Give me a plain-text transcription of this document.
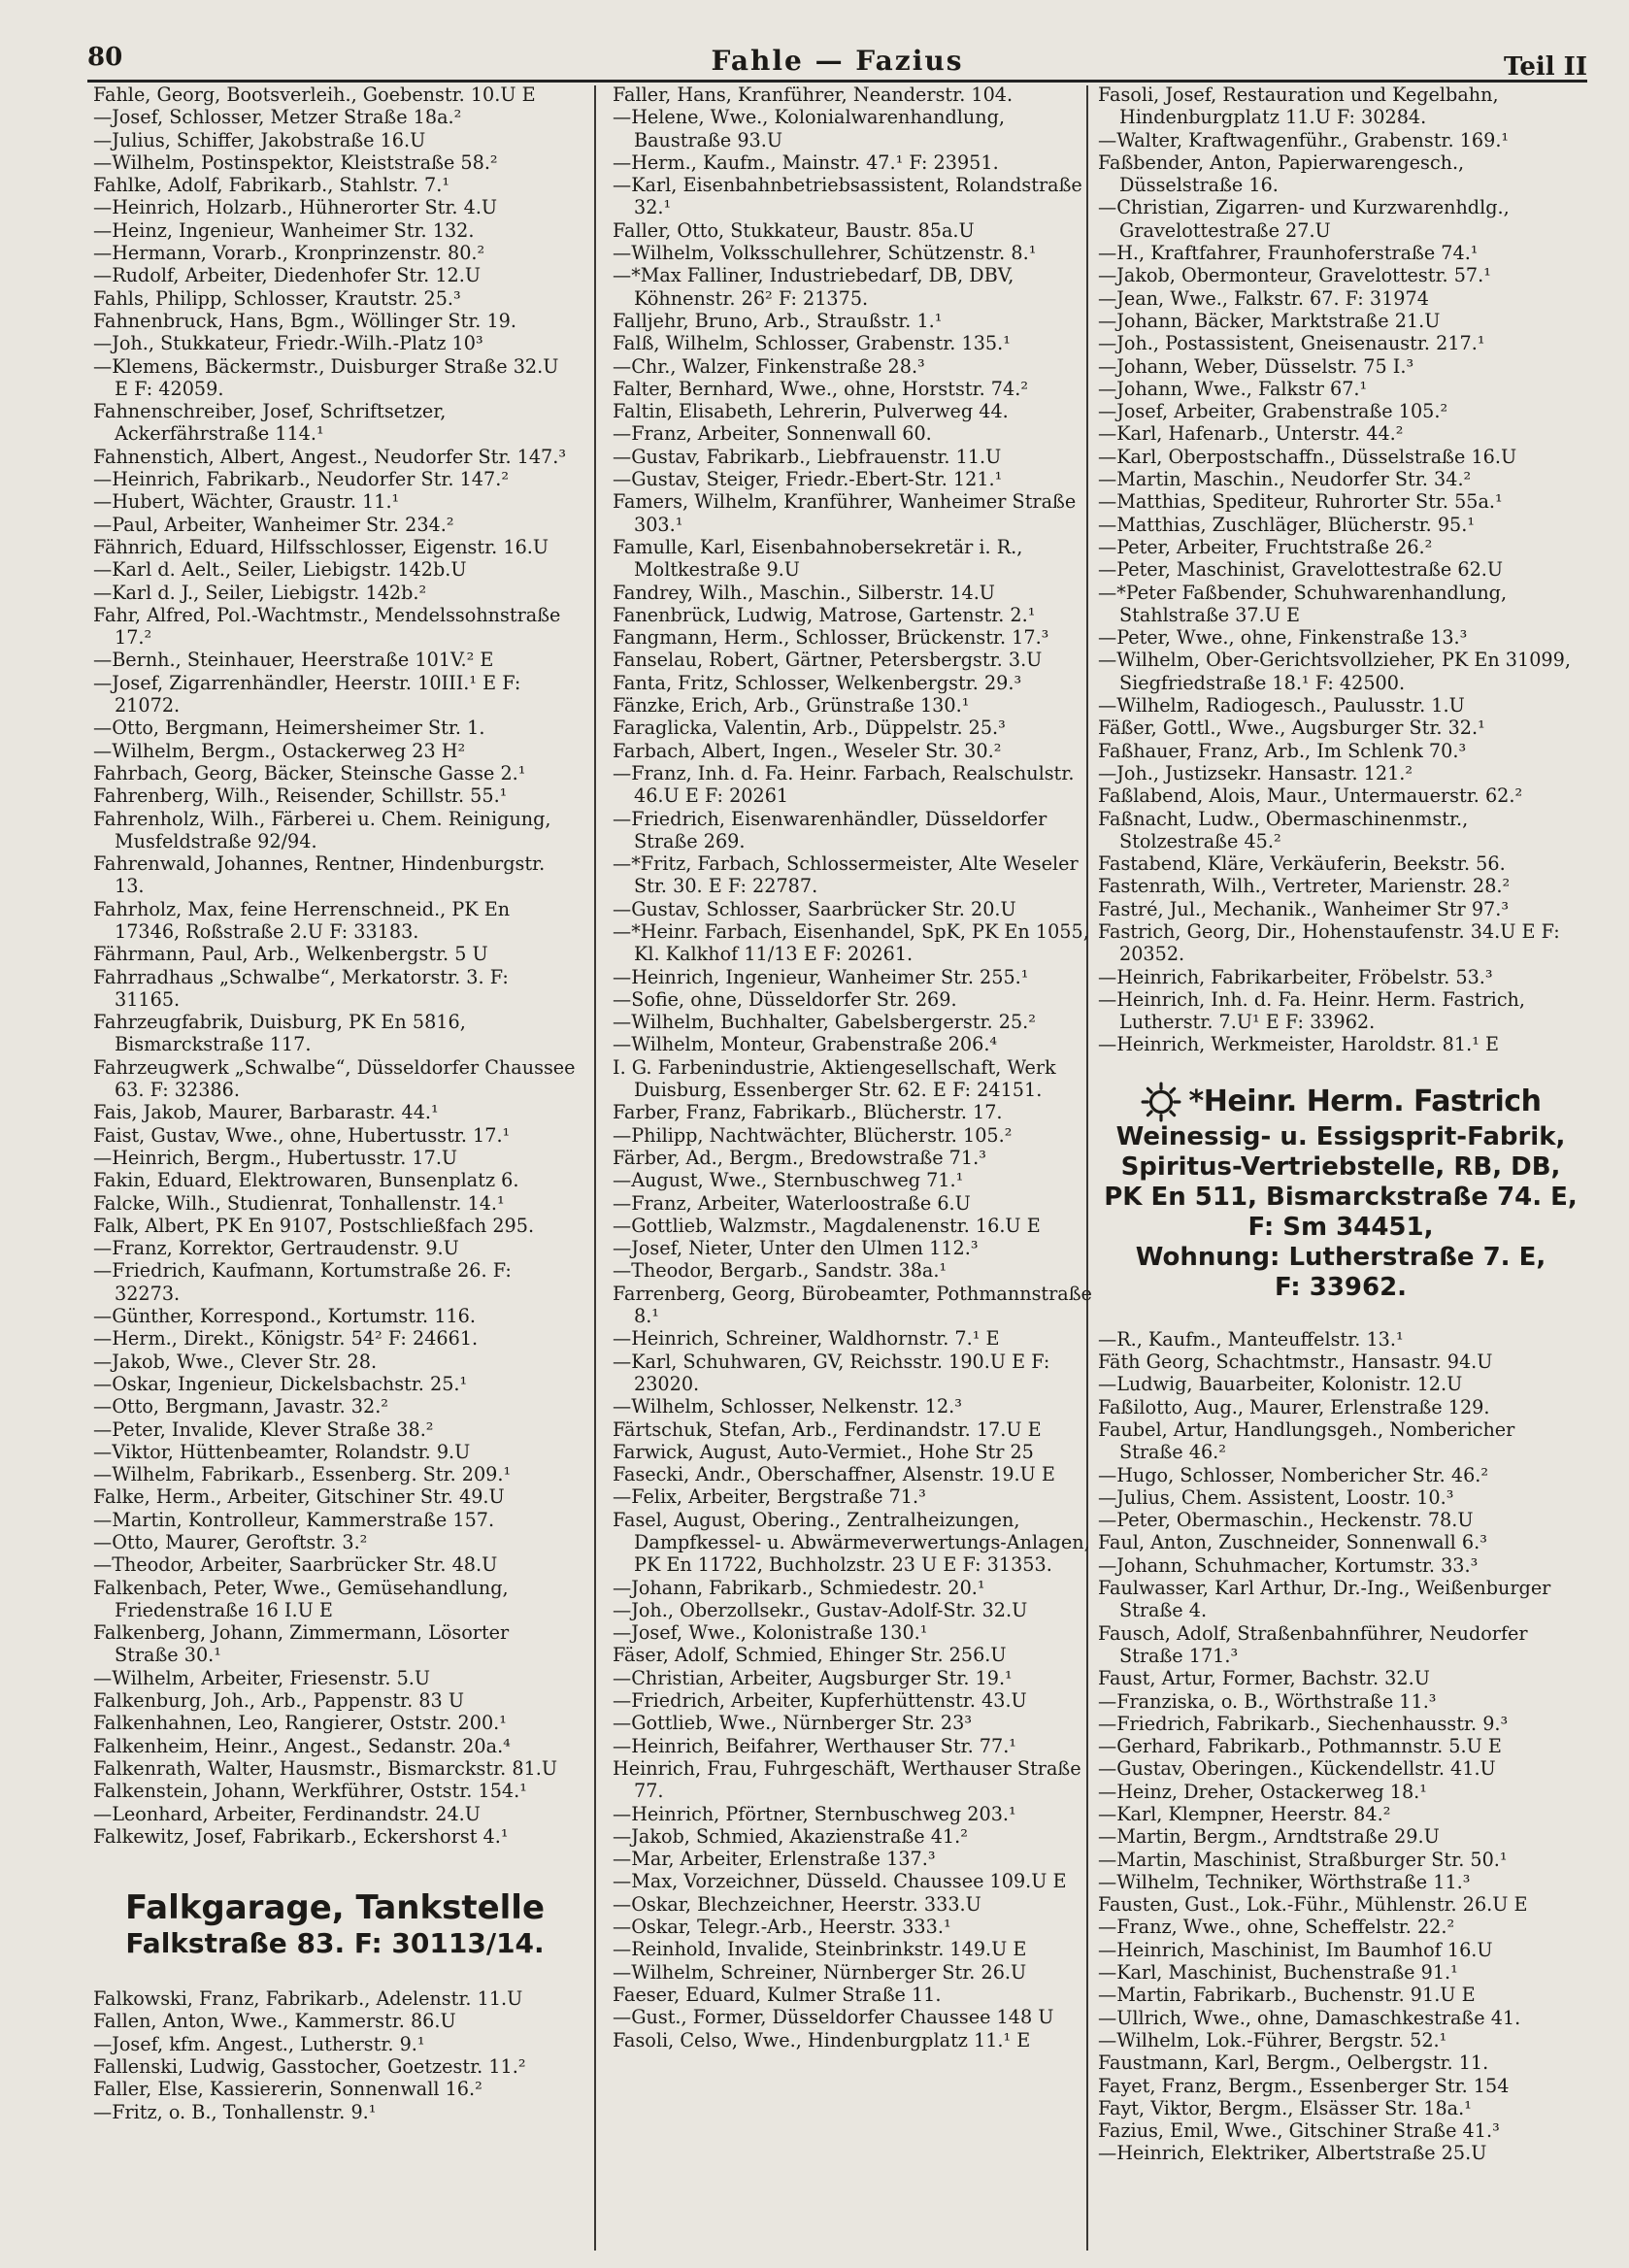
80	Fahle — Fazius	Teil II
Fahle, Georg, Bootsverleih., Goebenstr. 10.U E
—Josef, Schlosser, Metzer Straße 18a.²
—Julius, Schiffer, Jakobstraße 16.U
—Wilhelm, Postinspektor, Kleiststraße 58.²
Fahlke, Adolf, Fabrikarb., Stahlstr. 7.¹
—Heinrich, Holzarb., Hühnerorter Str. 4.U
—Heinz, Ingenieur, Wanheimer Str. 132.
—Hermann, Vorarb., Kronprinzenstr. 80.²
—Rudolf, Arbeiter, Diedenhofer Str. 12.U
Fahls, Philipp, Schlosser, Krautstr. 25.³
Fahnenbruck, Hans, Bgm., Wöllinger Str. 19.
—Joh., Stukkateur, Friedr.-Wilh.-Platz 10³
—Klemens, Bäckermstr., Duisburger Straße 32.U E F: 42059.
Fahnenschreiber, Josef, Schriftsetzer, Ackerfährstraße 114.¹
Fahnenstich, Albert, Angest., Neudorfer Str. 147.³
—Heinrich, Fabrikarb., Neudorfer Str. 147.²
—Hubert, Wächter, Graustr. 11.¹
—Paul, Arbeiter, Wanheimer Str. 234.²
Fähnrich, Eduard, Hilfsschlosser, Eigenstr. 16.U
—Karl d. Aelt., Seiler, Liebigstr. 142b.U
—Karl d. J., Seiler, Liebigstr. 142b.²
Fahr, Alfred, Pol.-Wachtmstr., Mendelssohnstraße 17.²
—Bernh., Steinhauer, Heerstraße 101V.² E
—Josef, Zigarrenhändler, Heerstr. 10III.¹ E F: 21072.
—Otto, Bergmann, Heimersheimer Str. 1.
—Wilhelm, Bergm., Ostackerweg 23 H²
Fahrbach, Georg, Bäcker, Steinsche Gasse 2.¹
Fahrenberg, Wilh., Reisender, Schillstr. 55.¹
Fahrenholz, Wilh., Färberei u. Chem. Reinigung, Musfeldstraße 92/94.
Fahrenwald, Johannes, Rentner, Hindenburgstr. 13.
Fahrholz, Max, feine Herrenschneid., PK En 17346, Roßstraße 2.U F: 33183.
Fährmann, Paul, Arb., Welkenbergstr. 5 U
Fahrradhaus „Schwalbe“, Merkatorstr. 3. F: 31165.
Fahrzeugfabrik, Duisburg, PK En 5816, Bismarckstraße 117.
Fahrzeugwerk „Schwalbe“, Düsseldorfer Chaussee 63. F: 32386.
Fais, Jakob, Maurer, Barbarastr. 44.¹
Faist, Gustav, Wwe., ohne, Hubertusstr. 17.¹
—Heinrich, Bergm., Hubertusstr. 17.U
Fakin, Eduard, Elektrowaren, Bunsenplatz 6.
Falcke, Wilh., Studienrat, Tonhallenstr. 14.¹
Falk, Albert, PK En 9107, Postschließfach 295.
—Franz, Korrektor, Gertraudenstr. 9.U
—Friedrich, Kaufmann, Kortumstraße 26. F: 32273.
—Günther, Korrespond., Kortumstr. 116.
—Herm., Direkt., Königstr. 54² F: 24661.
—Jakob, Wwe., Clever Str. 28.
—Oskar, Ingenieur, Dickelsbachstr. 25.¹
—Otto, Bergmann, Javastr. 32.²
—Peter, Invalide, Klever Straße 38.²
—Viktor, Hüttenbeamter, Rolandstr. 9.U
—Wilhelm, Fabrikarb., Essenberg. Str. 209.¹
Falke, Herm., Arbeiter, Gitschiner Str. 49.U
—Martin, Kontrolleur, Kammerstraße 157.
—Otto, Maurer, Geroftstr. 3.²
—Theodor, Arbeiter, Saarbrücker Str. 48.U
Falkenbach, Peter, Wwe., Gemüsehandlung, Friedenstraße 16 I.U E
Falkenberg, Johann, Zimmermann, Lösorter Straße 30.¹
—Wilhelm, Arbeiter, Friesenstr. 5.U
Falkenburg, Joh., Arb., Pappenstr. 83 U
Falkenhahnen, Leo, Rangierer, Oststr. 200.¹
Falkenheim, Heinr., Angest., Sedanstr. 20a.⁴
Falkenrath, Walter, Hausmstr., Bismarckstr. 81.U
Falkenstein, Johann, Werkführer, Oststr. 154.¹
—Leonhard, Arbeiter, Ferdinandstr. 24.U
Falkewitz, Josef, Fabrikarb., Eckershorst 4.¹
Falkgarage, Tankstelle
Falkstraße 83. F: 30113/14.
Falkowski, Franz, Fabrikarb., Adelenstr. 11.U
Fallen, Anton, Wwe., Kammerstr. 86.U
—Josef, kfm. Angest., Lutherstr. 9.¹
Fallenski, Ludwig, Gasstocher, Goetzestr. 11.²
Faller, Else, Kassiererin, Sonnenwall 16.²
—Fritz, o. B., Tonhallenstr. 9.¹
Faller, Hans, Kranführer, Neanderstr. 104.
—Helene, Wwe., Kolonialwarenhandlung, Baustraße 93.U
—Herm., Kaufm., Mainstr. 47.¹ F: 23951.
—Karl, Eisenbahnbetriebsassistent, Rolandstraße 32.¹
Faller, Otto, Stukkateur, Baustr. 85a.U
—Wilhelm, Volksschullehrer, Schützenstr. 8.¹
—*Max Falliner, Industriebedarf, DB, DBV, Köhnenstr. 26² F: 21375.
Falljehr, Bruno, Arb., Straußstr. 1.¹
Falß, Wilhelm, Schlosser, Grabenstr. 135.¹
—Chr., Walzer, Finkenstraße 28.³
Falter, Bernhard, Wwe., ohne, Horststr. 74.²
Faltin, Elisabeth, Lehrerin, Pulverweg 44.
—Franz, Arbeiter, Sonnenwall 60.
—Gustav, Fabrikarb., Liebfrauenstr. 11.U
—Gustav, Steiger, Friedr.-Ebert-Str. 121.¹
Famers, Wilhelm, Kranführer, Wanheimer Straße 303.¹
Famulle, Karl, Eisenbahnobersekretär i. R., Moltkestraße 9.U
Fandrey, Wilh., Maschin., Silberstr. 14.U
Fanenbrück, Ludwig, Matrose, Gartenstr. 2.¹
Fangmann, Herm., Schlosser, Brückenstr. 17.³
Fanselau, Robert, Gärtner, Petersbergstr. 3.U
Fanta, Fritz, Schlosser, Welkenbergstr. 29.³
Fänzke, Erich, Arb., Grünstraße 130.¹
Faraglicka, Valentin, Arb., Düppelstr. 25.³
Farbach, Albert, Ingen., Weseler Str. 30.²
—Franz, Inh. d. Fa. Heinr. Farbach, Realschulstr. 46.U E F: 20261
—Friedrich, Eisenwarenhändler, Düsseldorfer Straße 269.
—*Fritz, Farbach, Schlossermeister, Alte Weseler Str. 30. E F: 22787.
—Gustav, Schlosser, Saarbrücker Str. 20.U
—*Heinr. Farbach, Eisenhandel, SpK, PK En 1055, Kl. Kalkhof 11/13 E F: 20261.
—Heinrich, Ingenieur, Wanheimer Str. 255.¹
—Sofie, ohne, Düsseldorfer Str. 269.
—Wilhelm, Buchhalter, Gabelsbergerstr. 25.²
—Wilhelm, Monteur, Grabenstraße 206.⁴
I. G. Farbenindustrie, Aktiengesellschaft, Werk Duisburg, Essenberger Str. 62. E F: 24151.
Farber, Franz, Fabrikarb., Blücherstr. 17.
—Philipp, Nachtwächter, Blücherstr. 105.²
Färber, Ad., Bergm., Bredowstraße 71.³
—August, Wwe., Sternbuschweg 71.¹
—Franz, Arbeiter, Waterloostraße 6.U
—Gottlieb, Walzmstr., Magdalenenstr. 16.U E
—Josef, Nieter, Unter den Ulmen 112.³
—Theodor, Bergarb., Sandstr. 38a.¹
Farrenberg, Georg, Bürobeamter, Pothmannstraße 8.¹
—Heinrich, Schreiner, Waldhornstr. 7.¹ E
—Karl, Schuhwaren, GV, Reichsstr. 190.U E F: 23020.
—Wilhelm, Schlosser, Nelkenstr. 12.³
Färtschuk, Stefan, Arb., Ferdinandstr. 17.U E
Farwick, August, Auto-Vermiet., Hohe Str 25
Fasecki, Andr., Oberschaffner, Alsenstr. 19.U E
—Felix, Arbeiter, Bergstraße 71.³
Fasel, August, Obering., Zentralheizungen, Dampfkessel- u. Abwärmeverwertungs-Anlagen, PK En 11722, Buchholzstr. 23 U E F: 31353.
—Johann, Fabrikarb., Schmiedestr. 20.¹
—Joh., Oberzollsekr., Gustav-Adolf-Str. 32.U
—Josef, Wwe., Kolonistraße 130.¹
Fäser, Adolf, Schmied, Ehinger Str. 256.U
—Christian, Arbeiter, Augsburger Str. 19.¹
—Friedrich, Arbeiter, Kupferhüttenstr. 43.U
—Gottlieb, Wwe., Nürnberger Str. 23³
—Heinrich, Beifahrer, Werthauser Str. 77.¹
Heinrich, Frau, Fuhrgeschäft, Werthauser Straße 77.
—Heinrich, Pförtner, Sternbuschweg 203.¹
—Jakob, Schmied, Akazienstraße 41.²
—Mar, Arbeiter, Erlenstraße 137.³
—Max, Vorzeichner, Düsseld. Chaussee 109.U E
—Oskar, Blechzeichner, Heerstr. 333.U
—Oskar, Telegr.-Arb., Heerstr. 333.¹
—Reinhold, Invalide, Steinbrinkstr. 149.U E
—Wilhelm, Schreiner, Nürnberger Str. 26.U
Faeser, Eduard, Kulmer Straße 11.
—Gust., Former, Düsseldorfer Chaussee 148 U
Fasoli, Celso, Wwe., Hindenburgplatz 11.¹ E
Fasoli, Josef, Restauration und Kegelbahn, Hindenburgplatz 11.U F: 30284.
—Walter, Kraftwagenführ., Grabenstr. 169.¹
Faßbender, Anton, Papierwarengesch., Düsselstraße 16.
—Christian, Zigarren- und Kurzwarenhdlg., Gravelottestraße 27.U
—H., Kraftfahrer, Fraunhoferstraße 74.¹
—Jakob, Obermonteur, Gravelottestr. 57.¹
—Jean, Wwe., Falkstr. 67. F: 31974
—Johann, Bäcker, Marktstraße 21.U
—Joh., Postassistent, Gneisenaustr. 217.¹
—Johann, Weber, Düsselstr. 75 I.³
—Johann, Wwe., Falkstr 67.¹
—Josef, Arbeiter, Grabenstraße 105.²
—Karl, Hafenarb., Unterstr. 44.²
—Karl, Oberpostschaffn., Düsselstraße 16.U
—Martin, Maschin., Neudorfer Str. 34.²
—Matthias, Spediteur, Ruhrorter Str. 55a.¹
—Matthias, Zuschläger, Blücherstr. 95.¹
—Peter, Arbeiter, Fruchtstraße 26.²
—Peter, Maschinist, Gravelottestraße 62.U
—*Peter Faßbender, Schuhwarenhandlung, Stahlstraße 37.U E
—Peter, Wwe., ohne, Finkenstraße 13.³
—Wilhelm, Ober-Gerichtsvollzieher, PK En 31099, Siegfriedstraße 18.¹ F: 42500.
—Wilhelm, Radiogesch., Paulusstr. 1.U
Fäßer, Gottl., Wwe., Augsburger Str. 32.¹
Faßhauer, Franz, Arb., Im Schlenk 70.³
—Joh., Justizsekr. Hansastr. 121.²
Faßlabend, Alois, Maur., Untermauerstr. 62.²
Faßnacht, Ludw., Obermaschinenmstr., Stolzestraße 45.²
Fastabend, Kläre, Verkäuferin, Beekstr. 56.
Fastenrath, Wilh., Vertreter, Marienstr. 28.²
Fastré, Jul., Mechanik., Wanheimer Str 97.³
Fastrich, Georg, Dir., Hohenstaufenstr. 34.U E F: 20352.
—Heinrich, Fabrikarbeiter, Fröbelstr. 53.³
—Heinrich, Inh. d. Fa. Heinr. Herm. Fastrich, Lutherstr. 7.U¹ E F: 33962.
—Heinrich, Werkmeister, Haroldstr. 81.¹ E
*Heinr. Herm. Fastrich
Weinessig- u. Essigsprit-Fabrik,
Spiritus-Vertriebstelle, RB, DB,
PK En 511, Bismarckstraße 74. E,
F: Sm 34451,
Wohnung: Lutherstraße 7. E,
F: 33962.
—R., Kaufm., Manteuffelstr. 13.¹
Fäth Georg, Schachtmstr., Hansastr. 94.U
—Ludwig, Bauarbeiter, Kolonistr. 12.U
Faßilotto, Aug., Maurer, Erlenstraße 129.
Faubel, Artur, Handlungsgeh., Nombericher Straße 46.²
—Hugo, Schlosser, Nombericher Str. 46.²
—Julius, Chem. Assistent, Loostr. 10.³
—Peter, Obermaschin., Heckenstr. 78.U
Faul, Anton, Zuschneider, Sonnenwall 6.³
—Johann, Schuhmacher, Kortumstr. 33.³
Faulwasser, Karl Arthur, Dr.-Ing., Weißenburger Straße 4.
Fausch, Adolf, Straßenbahnführer, Neudorfer Straße 171.³
Faust, Artur, Former, Bachstr. 32.U
—Franziska, o. B., Wörthstraße 11.³
—Friedrich, Fabrikarb., Siechenhausstr. 9.³
—Gerhard, Fabrikarb., Pothmannstr. 5.U E
—Gustav, Oberingen., Kückendellstr. 41.U
—Heinz, Dreher, Ostackerweg 18.¹
—Karl, Klempner, Heerstr. 84.²
—Martin, Bergm., Arndtstraße 29.U
—Martin, Maschinist, Straßburger Str. 50.¹
—Wilhelm, Techniker, Wörthstraße 11.³
Fausten, Gust., Lok.-Führ., Mühlenstr. 26.U E
—Franz, Wwe., ohne, Scheffelstr. 22.²
—Heinrich, Maschinist, Im Baumhof 16.U
—Karl, Maschinist, Buchenstraße 91.¹
—Martin, Fabrikarb., Buchenstr. 91.U E
—Ullrich, Wwe., ohne, Damaschkestraße 41.
—Wilhelm, Lok.-Führer, Bergstr. 52.¹
Faustmann, Karl, Bergm., Oelbergstr. 11.
Fayet, Franz, Bergm., Essenberger Str. 154
Fayt, Viktor, Bergm., Elsässer Str. 18a.¹
Fazius, Emil, Wwe., Gitschiner Straße 41.³
—Heinrich, Elektriker, Albertstraße 25.U
